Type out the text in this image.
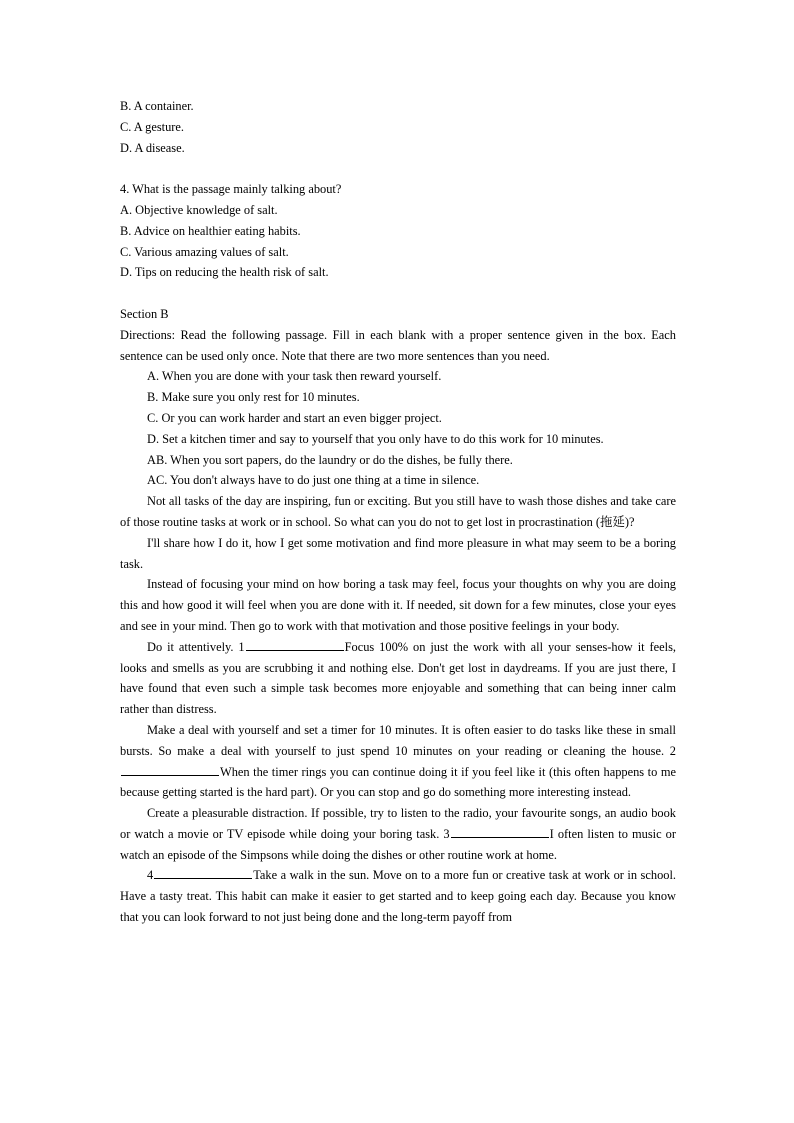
B. A container.
C. A gesture.
D. A disease.
4. What is the passage mainly talking about?
A. Objective knowledge of salt.
B. Advice on healthier eating habits.
C. Various amazing values of salt.
D. Tips on reducing the health risk of salt.
Section B

Directions: Read the following passage. Fill in each blank with a proper sentence given in the box. Each sentence can be used only once. Note that there are two more sentences than you need.

A. When you are done with your task then reward yourself.
B. Make sure you only rest for 10 minutes.
C. Or you can work harder and start an even bigger project.
D. Set a kitchen timer and say to yourself that you only have to do this work for 10 minutes.
AB. When you sort papers, do the laundry or do the dishes, be fully there.
AC. You don't always have to do just one thing at a time in silence.

Not all tasks of the day are inspiring, fun or exciting. But you still have to wash those dishes and take care of those routine tasks at work or in school. So what can you do not to get lost in procrastination (拖延)?

I'll share how I do it, how I get some motivation and find more pleasure in what may seem to be a boring task.

Instead of focusing your mind on how boring a task may feel, focus your thoughts on why you are doing this and how good it will feel when you are done with it. If needed, sit down for a few minutes, close your eyes and see in your mind. Then go to work with that motivation and those positive feelings in your body.

Do it attentively. 1	Focus 100% on just the work with all your senses-how it feels, looks and smells as you are scrubbing it and nothing else. Don't get lost in daydreams. If you are just there, I have found that even such a simple task becomes more enjoyable and something that can being inner calm rather than distress.

Make a deal with yourself and set a timer for 10 minutes. It is often easier to do tasks like these in small bursts. So make a deal with yourself to just spend 10 minutes on your reading or cleaning the house. 2When the timer rings you can continue doing it if you feel like it (this often happens to me because getting started is the hard part). Or you can stop and go do something more interesting instead.

Create a pleasurable distraction. If possible, try to listen to the radio, your favourite songs, an audio book or watch a movie or TV episode while doing your boring task. 3	I often listen to music or watch an episode of the Simpsons while doing the dishes or other routine work at home.

4	Take a walk in the sun. Move on to a more fun or creative task at work or in school. Have a tasty treat. This habit can make it easier to get started and to keep going each day. Because you know that you can look forward to not just being done and the long-term payoff from
